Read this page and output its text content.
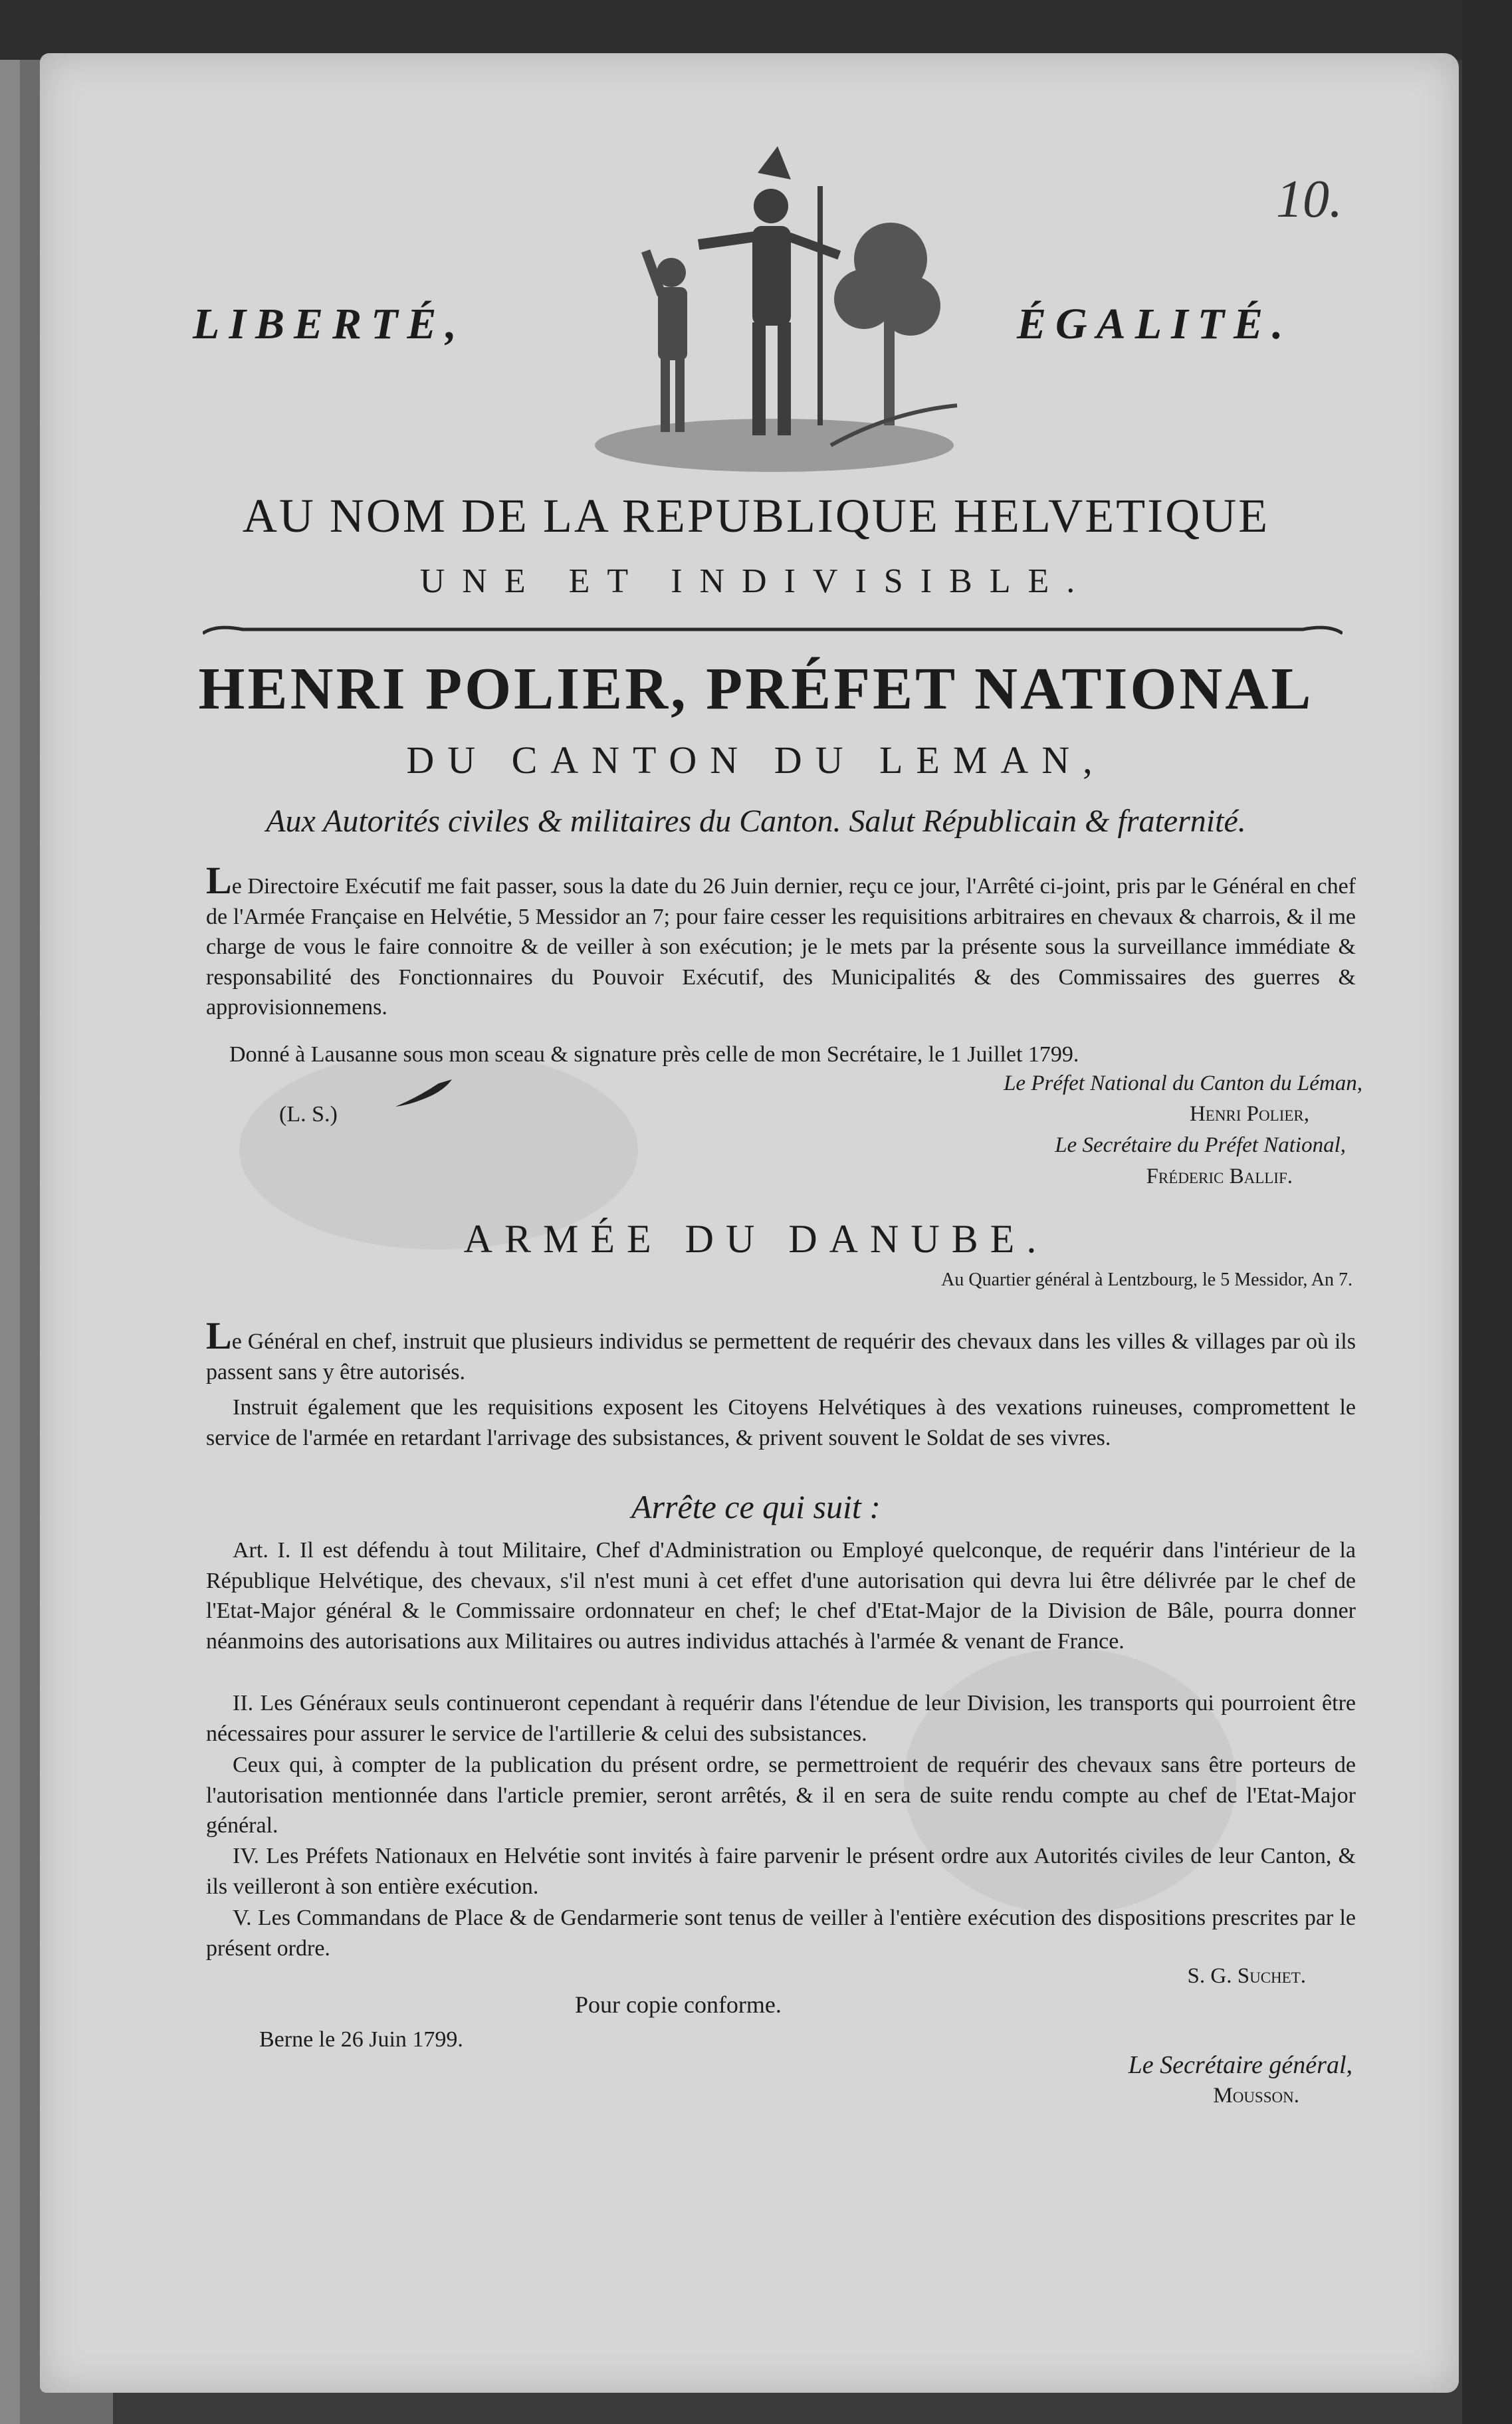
10.
LIBERTÉ,	ÉGALITÉ.
AU NOM DE LA REPUBLIQUE HELVETIQUE
UNE ET INDIVISIBLE.
HENRI POLIER, PRÉFET NATIONAL
DU CANTON DU LEMAN,
Aux Autorités civiles & militaires du Canton. Salut Républicain & fraternité.
Le Directoire Exécutif me fait passer, sous la date du 26 Juin dernier, reçu ce jour, l'Arrêté ci-joint, pris par le Général en chef de l'Armée Française en Helvétie, 5 Messidor an 7; pour faire cesser les requisitions arbitraires en chevaux & charrois, & il me charge de vous le faire connoitre & de veiller à son exécution; je le mets par la présente sous la surveillance immédiate & responsabilité des Fonctionnaires du Pouvoir Exécutif, des Municipalités & des Commissaires des guerres & approvisionnemens.
Donné à Lausanne sous mon sceau & signature près celle de mon Secrétaire, le 1 Juillet 1799.
(L. S.)
Le Préfet National du Canton du Léman,
Henri Polier,
Le Secrétaire du Préfet National,
Fréderic Ballif.
ARMÉE DU DANUBE.
Au Quartier général à Lentzbourg, le 5 Messidor, An 7.
Le Général en chef, instruit que plusieurs individus se permettent de requérir des chevaux dans les villes & villages par où ils passent sans y être autorisés.
Instruit également que les requisitions exposent les Citoyens Helvétiques à des vexations ruineuses, compromettent le service de l'armée en retardant l'arrivage des subsistances, & privent souvent le Soldat de ses vivres.
Arrête ce qui suit :
Art. I. Il est défendu à tout Militaire, Chef d'Administration ou Employé quelconque, de requérir dans l'intérieur de la République Helvétique, des chevaux, s'il n'est muni à cet effet d'une autorisation qui devra lui être délivrée par le chef de l'Etat-Major général & le Commissaire ordonnateur en chef; le chef d'Etat-Major de la Division de Bâle, pourra donner néanmoins des autorisations aux Militaires ou autres individus attachés à l'armée & venant de France.
II. Les Généraux seuls continueront cependant à requérir dans l'étendue de leur Division, les transports qui pourroient être nécessaires pour assurer le service de l'artillerie & celui des subsistances.
Ceux qui, à compter de la publication du présent ordre, se permettroient de requérir des chevaux sans être porteurs de l'autorisation mentionnée dans l'article premier, seront arrêtés, & il en sera de suite rendu compte au chef de l'Etat-Major général.
IV. Les Préfets Nationaux en Helvétie sont invités à faire parvenir le présent ordre aux Autorités civiles de leur Canton, & ils veilleront à son entière exécution.
V. Les Commandans de Place & de Gendarmerie sont tenus de veiller à l'entière exécution des dispositions prescrites par le présent ordre.
S. G. Suchet.
Pour copie conforme.
Berne le 26 Juin 1799.
Le Secrétaire général,
Mousson.
